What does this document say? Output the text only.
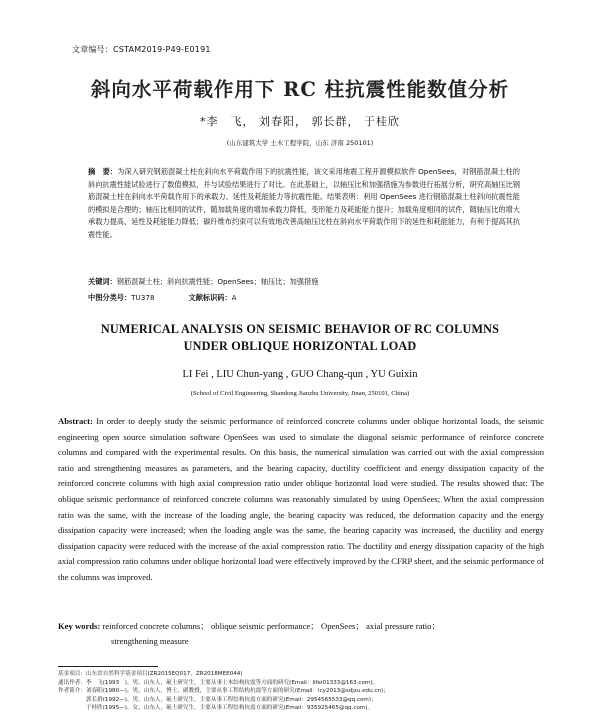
文章编号：CSTAM2019-P49-E0191
斜向水平荷载作用下 RC 柱抗震性能数值分析
*李　飞， 刘春阳， 郭长群， 于桂欣
(山东建筑大学 土木工程学院，山东 济南 250101)
摘　要：为深入研究钢筋混凝土柱在斜向水平荷载作用下的抗震性能，该文采用地震工程开源模拟软件 OpenSees，对钢筋混凝土柱的斜向抗震性能试验进行了数值模拟，并与试验结果进行了对比。在此基础上，以轴压比和加强措施为参数进行拓展分析，研究高轴压比钢筋混凝土柱在斜向水平荷载作用下的承载力、延性及耗能能力等抗震性能。结果表明：利用 OpenSees 进行钢筋混凝土柱斜向抗震性能的模拟是合理的；轴压比相同的试件，随加载角度的增加承载力降低，变形能力及耗能能力提升；加载角度相同的试件，随轴压比的增大承载力提高，延性及耗能能力降低；碳纤维布约束可以有效地改善高轴压比柱在斜向水平荷载作用下的延性和耗能能力，有利于提高其抗震性能。
关键词：钢筋混凝土柱；斜向抗震性能；OpenSees；轴压比；加强措施
中图分类号：TU378	文献标识码：A
NUMERICAL ANALYSIS ON SEISMIC BEHAVIOR OF RC COLUMNS
UNDER OBLIQUE HORIZONTAL LOAD
LI Fei , LIU Chun-yang , GUO Chang-qun , YU Guixin
(School of Civil Engineering, Shandong Jianzhu University, Jinan, 250101, China)
Abstract: In order to deeply study the seismic performance of reinforced concrete columns under oblique horizontal loads, the seismic engineering open source simulation software OpenSees was used to simulate the diagonal seismic performance of reinforce concrete columns and compared with the experimental results. On this basis, the numerical simulation was carried out with the axial compression ratio and strengthening measures as parameters, and the bearing capacity, ductility coefficient and energy dissipation capacity of the reinforced concrete columns with high axial compression ratio under oblique horizontal load were studied. The results showed that: The oblique seismic performance of reinforced concrete columns was reasonably simulated by using OpenSees; When the axial compression ratio was the same, with the increase of the loading angle, the bearing capacity was reduced, the deformation capacity and the energy dissipation capacity were increased; when the loading angle was the same, the bearing capacity was increased, the ductility and energy dissipation capacity were reduced with the increase of the axial compression ratio. The ductility and energy dissipation capacity of the high axial compression ratio columns under oblique horizontal load were effectively improved by the CFRP sheet, and the seismic performance of the columns was improved.
Key words: reinforced concrete columns； oblique seismic performance； OpenSees； axial pressure ratio；
strengthening measure
基金项目：山东省自然科学基金项目(ZR2015EQ017，ZR2018MEE044)
通讯作者：李　飞(1993　)，男，山东人，硕士研究生，主要从事土木结构抗震等方面的研究(Email：lifei01333@163.com)。
作者简介：刘春阳(1980—)，男，山东人，博士，副教授，主要从事工程结构抗震等方面的研究(Email：lcy2013@sdjzu.edu.cn)；
　　　　　郭长群(1992—)，男，山东人，硕士研究生，主要从事工程结构抗震方面的研究(Email：2954565533@qq.com)；
　　　　　于桂欣(1995—)，女，山东人，硕士研究生，主要从事工程结构抗震方面的研究(Email：935925465@qq.com)。
